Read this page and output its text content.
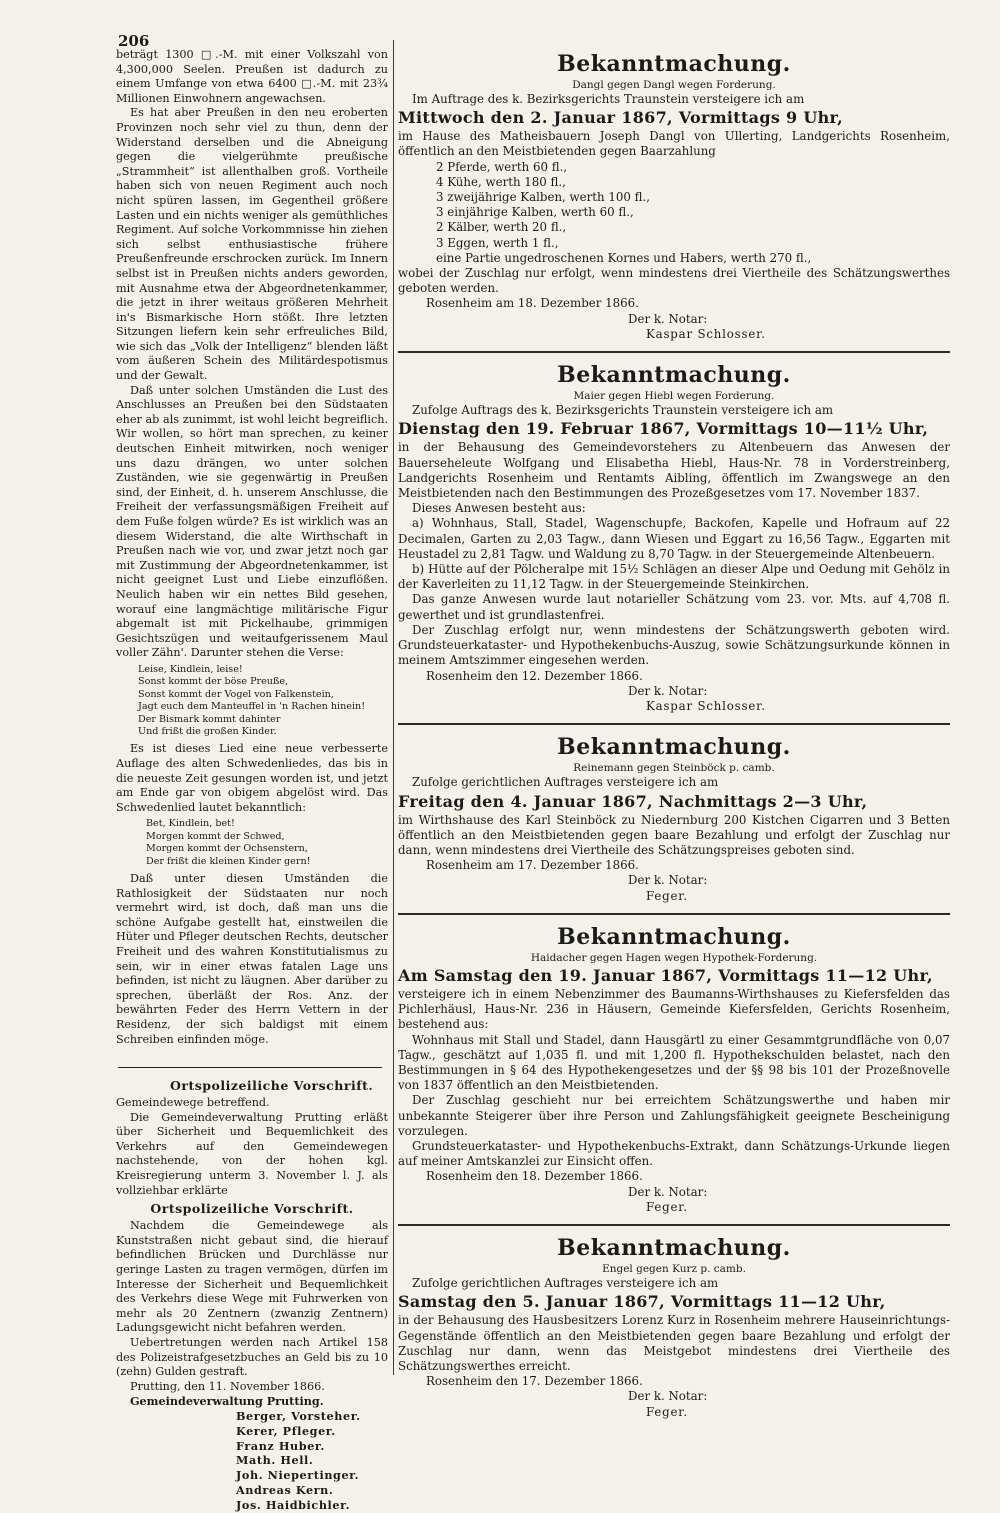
206

beträgt 1300 □.-M. mit einer Volkszahl von 4,300,000 Seelen. Preußen ist dadurch zu einem Umfange von etwa 6400 □.-M. mit 23¾ Millionen Einwohnern angewachsen.

Es hat aber Preußen in den neu eroberten Provinzen noch sehr viel zu thun, denn der Widerstand derselben und die Abneigung gegen die vielgerühmte preußische „Strammheit“ ist allenthalben groß. Vortheile haben sich von neuen Regiment auch noch nicht spüren lassen, im Gegentheil größere Lasten und ein nichts weniger als gemüthliches Regiment. Auf solche Vorkommnisse hin ziehen sich selbst enthusiastische frühere Preußenfreunde erschrocken zurück. Im Innern selbst ist in Preußen nichts anders geworden, mit Ausnahme etwa der Abgeordnetenkammer, die jetzt in ihrer weitaus größeren Mehrheit in's Bismarkische Horn stößt. Ihre letzten Sitzungen liefern kein sehr erfreuliches Bild, wie sich das „Volk der Intelligenz“ blenden läßt vom äußeren Schein des Militärdespotismus und der Gewalt.

Daß unter solchen Umständen die Lust des Anschlusses an Preußen bei den Südstaaten eher ab als zunimmt, ist wohl leicht begreiflich. Wir wollen, so hört man sprechen, zu keiner deutschen Einheit mitwirken, noch weniger uns dazu drängen, wo unter solchen Zuständen, wie sie gegenwärtig in Preußen sind, der Einheit, d. h. unserem Anschlusse, die Freiheit der verfassungsmäßigen Freiheit auf dem Fuße folgen würde? Es ist wirklich was an diesem Widerstand, die alte Wirthschaft in Preußen nach wie vor, und zwar jetzt noch gar mit Zustimmung der Abgeordnetenkammer, ist nicht geeignet Lust und Liebe einzuflößen. Neulich haben wir ein nettes Bild gesehen, worauf eine langmächtige militärische Figur abgemalt ist mit Pickelhaube, grimmigen Gesichtszügen und weitaufgerissenem Maul voller Zähn'. Darunter stehen die Verse:

Leise, Kindlein, leise!
Sonst kommt der böse Preuße,
Sonst kommt der Vogel von Falkenstein,
Jagt euch dem Manteuffel in 'n Rachen hinein!
Der Bismark kommt dahinter
Und frißt die großen Kinder.

Es ist dieses Lied eine neue verbesserte Auflage des alten Schwedenliedes, das bis in die neueste Zeit gesungen worden ist, und jetzt am Ende gar von obigem abgelöst wird. Das Schwedenlied lautet bekanntlich:

Bet, Kindlein, bet!
Morgen kommt der Schwed,
Morgen kommt der Ochsenstern,
Der frißt die kleinen Kinder gern!

Daß unter diesen Umständen die Rathlosigkeit der Südstaaten nur noch vermehrt wird, ist doch, daß man uns die schöne Aufgabe gestellt hat, einstweilen die Hüter und Pfleger deutschen Rechts, deutscher Freiheit und des wahren Konstitutialismus zu sein, wir in einer etwas fatalen Lage uns befinden, ist nicht zu läugnen. Aber darüber zu sprechen, überläßt der Ros. Anz. der bewährten Feder des Herrn Vettern in der Residenz, der sich baldigst mit einem Schreiben einfinden möge.

Ortspolizeiliche Vorschrift.

Gemeindewege betreffend.

Die Gemeindeverwaltung Prutting erläßt über Sicherheit und Bequemlichkeit des Verkehrs auf den Gemeindewegen nachstehende, von der hohen kgl. Kreisregierung unterm 3. November l. J. als vollziehbar erklärte

Ortspolizeiliche Vorschrift.

Nachdem die Gemeindewege als Kunststraßen nicht gebaut sind, die hierauf befindlichen Brücken und Durchlässe nur geringe Lasten zu tragen vermögen, dürfen im Interesse der Sicherheit und Bequemlichkeit des Verkehrs diese Wege mit Fuhrwerken von mehr als 20 Zentnern (zwanzig Zentnern) Ladungsgewicht nicht befahren werden.

Uebertretungen werden nach Artikel 158 des Polizeistrafgesetzbuches an Geld bis zu 10 (zehn) Gulden gestraft.

Prutting, den 11. November 1866.

Gemeindeverwaltung Prutting.

Berger, Vorsteher.
Kerer, Pfleger.
Franz Huber.
Math. Hell.
Joh. Niepertinger.
Andreas Kern.
Jos. Haidbichler.
Bekanntmachung.
Dangl gegen Dangl wegen Forderung.

Im Auftrage des k. Bezirksgerichts Traunstein versteigere ich am

Mittwoch den 2. Januar 1867, Vormittags 9 Uhr,

im Hause des Matheisbauern Joseph Dangl von Ullerting, Landgerichts Rosenheim, öffentlich an den Meistbietenden gegen Baarzahlung

2 Pferde, werth 60 fl.,
4 Kühe, werth 180 fl.,
3 zweijährige Kalben, werth 100 fl.,
3 einjährige Kalben, werth 60 fl.,
2 Kälber, werth 20 fl.,
3 Eggen, werth 1 fl.,
eine Partie ungedroschenen Kornes und Habers, werth 270 fl.,

wobei der Zuschlag nur erfolgt, wenn mindestens drei Viertheile des Schätzungswerthes geboten werden.

Rosenheim am 18. Dezember 1866.
Der k. Notar:
Kaspar Schlosser.
Bekanntmachung.
Maier gegen Hiebl wegen Forderung.

Zufolge Auftrags des k. Bezirksgerichts Traunstein versteigere ich am

Dienstag den 19. Februar 1867, Vormittags 10—11½ Uhr,

in der Behausung des Gemeindevorstehers zu Altenbeuern das Anwesen der Bauerseheleute Wolfgang und Elisabetha Hiebl, Haus-Nr. 78 in Vorderstreinberg, Landgerichts Rosenheim und Rentamts Aibling, öffentlich im Zwangswege an den Meistbietenden nach den Bestimmungen des Prozeßgesetzes vom 17. November 1837.

Dieses Anwesen besteht aus:

a) Wohnhaus, Stall, Stadel, Wagenschupfe, Backofen, Kapelle und Hofraum auf 22 Decimalen, Garten zu 2,03 Tagw., dann Wiesen und Eggart zu 16,56 Tagw., Eggarten mit Heustadel zu 2,81 Tagw. und Waldung zu 8,70 Tagw. in der Steuergemeinde Altenbeuern.

b) Hütte auf der Pölcheralpe mit 15½ Schlägen an dieser Alpe und Oedung mit Gehölz in der Kaverleiten zu 11,12 Tagw. in der Steuergemeinde Steinkirchen.

Das ganze Anwesen wurde laut notarieller Schätzung vom 23. vor. Mts. auf 4,708 fl. gewerthet und ist grundlastenfrei.

Der Zuschlag erfolgt nur, wenn mindestens der Schätzungswerth geboten wird. Grundsteuerkataster- und Hypothekenbuchs-Auszug, sowie Schätzungsurkunde können in meinem Amtszimmer eingesehen werden.

Rosenheim den 12. Dezember 1866.
Der k. Notar:
Kaspar Schlosser.
Bekanntmachung.
Reinemann gegen Steinböck p. camb.

Zufolge gerichtlichen Auftrages versteigere ich am

Freitag den 4. Januar 1867, Nachmittags 2—3 Uhr,

im Wirthshause des Karl Steinböck zu Niedernburg 200 Kistchen Cigarren und 3 Betten öffentlich an den Meistbietenden gegen baare Bezahlung und erfolgt der Zuschlag nur dann, wenn mindestens drei Viertheile des Schätzungspreises geboten sind.

Rosenheim am 17. Dezember 1866.
Der k. Notar:
Feger.
Bekanntmachung.
Haidacher gegen Hagen wegen Hypothek-Forderung.
Am Samstag den 19. Januar 1867, Vormittags 11—12 Uhr,

versteigere ich in einem Nebenzimmer des Baumanns-Wirthshauses zu Kiefersfelden das Pichlerhäusl, Haus-Nr. 236 in Häusern, Gemeinde Kiefersfelden, Gerichts Rosenheim, bestehend aus:

Wohnhaus mit Stall und Stadel, dann Hausgärtl zu einer Gesammtgrundfläche von 0,07 Tagw., geschätzt auf 1,035 fl. und mit 1,200 fl. Hypothekschulden belastet, nach den Bestimmungen in § 64 des Hypothekengesetzes und der §§ 98 bis 101 der Prozeßnovelle von 1837 öffentlich an den Meistbietenden.

Der Zuschlag geschieht nur bei erreichtem Schätzungswerthe und haben mir unbekannte Steigerer über ihre Person und Zahlungsfähigkeit geeignete Bescheinigung vorzulegen.

Grundsteuerkataster- und Hypothekenbuchs-Extrakt, dann Schätzungs-Urkunde liegen auf meiner Amtskanzlei zur Einsicht offen.

Rosenheim den 18. Dezember 1866.
Der k. Notar:
Feger.
Bekanntmachung.
Engel gegen Kurz p. camb.

Zufolge gerichtlichen Auftrages versteigere ich am

Samstag den 5. Januar 1867, Vormittags 11—12 Uhr,

in der Behausung des Hausbesitzers Lorenz Kurz in Rosenheim mehrere Hauseinrichtungs-Gegenstände öffentlich an den Meistbietenden gegen baare Bezahlung und erfolgt der Zuschlag nur dann, wenn das Meistgebot mindestens drei Viertheile des Schätzungswerthes erreicht.

Rosenheim den 17. Dezember 1866.
Der k. Notar:
Feger.
